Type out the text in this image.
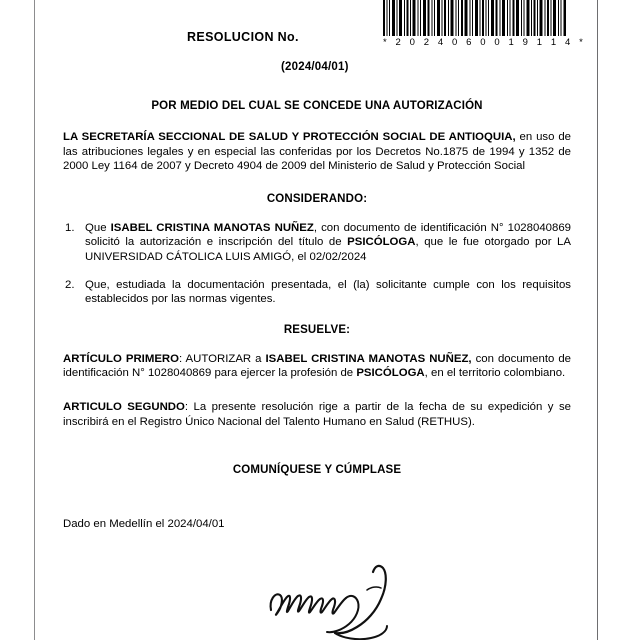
* 2 0 2 4 0 6 0 0 1 9 1 1 4 *
RESOLUCION No.
(2024/04/01)
POR MEDIO DEL CUAL SE CONCEDE UNA AUTORIZACIÓN

LA SECRETARÍA SECCIONAL DE SALUD Y PROTECCIÓN SOCIAL DE ANTIOQUIA, en uso de las atribuciones legales y en especial las conferidas por los Decretos No.1875 de 1994 y 1352 de 2000 Ley 1164 de 2007 y Decreto 4904 de 2009 del Ministerio de Salud y Protección Social

CONSIDERANDO:
1. Que ISABEL CRISTINA MANOTAS NUÑEZ, con documento de identificación N° 1028040869 solicitó la autorización e inscripción del título de PSICÓLOGA, que le fue otorgado por LA UNIVERSIDAD CÁTOLICA LUIS AMIGÓ, el 02/02/2024
2. Que, estudiada la documentación presentada, el (la) solicitante cumple con los requisitos establecidos por las normas vigentes.
RESUELVE:

ARTÍCULO PRIMERO: AUTORIZAR a ISABEL CRISTINA MANOTAS NUÑEZ, con documento de identificación N° 1028040869 para ejercer la profesión de PSICÓLOGA, en el territorio colombiano.

ARTICULO SEGUNDO: La presente resolución rige a partir de la fecha de su expedición y se inscribirá en el Registro Único Nacional del Talento Humano en Salud (RETHUS).

COMUNÍQUESE Y CÚMPLASE
Dado en Medellín el 2024/04/01
